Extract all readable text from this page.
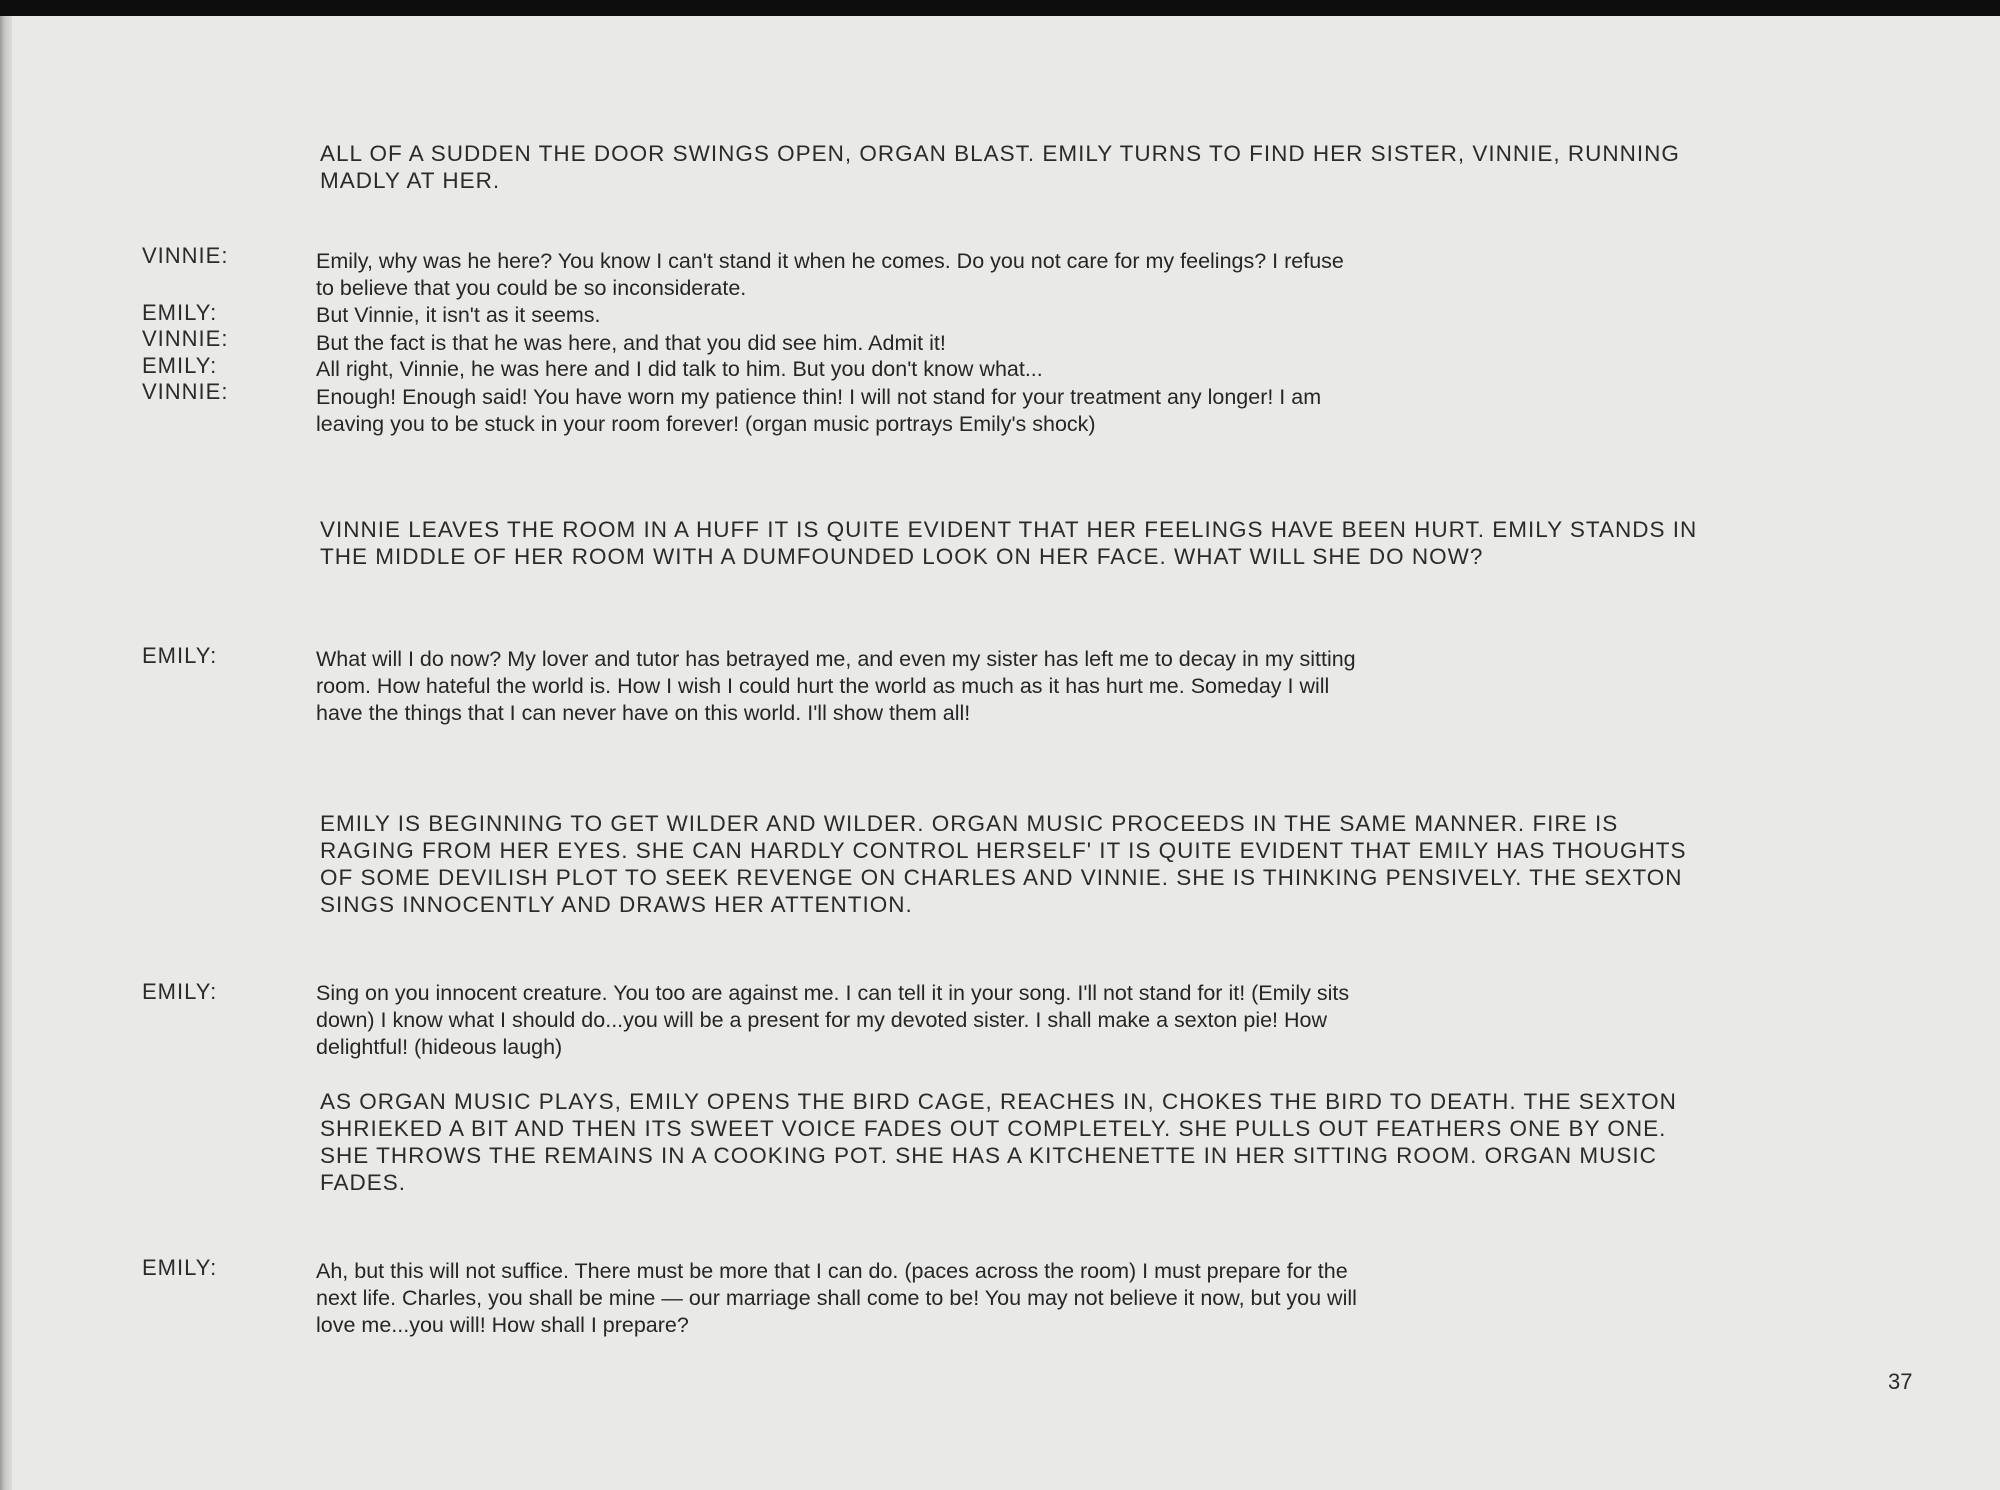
ALL OF A SUDDEN THE DOOR SWINGS OPEN, ORGAN BLAST. EMILY TURNS TO FIND HER SISTER, VINNIE, RUNNING MADLY AT HER.
VINNIE:	Emily, why was he here? You know I can't stand it when he comes. Do you not care for my feelings? I refuse to believe that you could be so inconsiderate.
EMILY:	But Vinnie, it isn't as it seems.
VINNIE:	But the fact is that he was here, and that you did see him. Admit it!
EMILY:	All right, Vinnie, he was here and I did talk to him. But you don't know what...
VINNIE:	Enough! Enough said! You have worn my patience thin! I will not stand for your treatment any longer! I am leaving you to be stuck in your room forever! (organ music portrays Emily's shock)
VINNIE LEAVES THE ROOM IN A HUFF IT IS QUITE EVIDENT THAT HER FEELINGS HAVE BEEN HURT. EMILY STANDS IN THE MIDDLE OF HER ROOM WITH A DUMFOUNDED LOOK ON HER FACE. WHAT WILL SHE DO NOW?
EMILY:	What will I do now? My lover and tutor has betrayed me, and even my sister has left me to decay in my sitting room. How hateful the world is. How I wish I could hurt the world as much as it has hurt me. Someday I will have the things that I can never have on this world. I'll show them all!
EMILY IS BEGINNING TO GET WILDER AND WILDER. ORGAN MUSIC PROCEEDS IN THE SAME MANNER. FIRE IS RAGING FROM HER EYES. SHE CAN HARDLY CONTROL HERSELF' IT IS QUITE EVIDENT THAT EMILY HAS THOUGHTS OF SOME DEVILISH PLOT TO SEEK REVENGE ON CHARLES AND VINNIE. SHE IS THINKING PENSIVELY. THE SEXTON SINGS INNOCENTLY AND DRAWS HER ATTENTION.
EMILY:	Sing on you innocent creature. You too are against me. I can tell it in your song. I'll not stand for it! (Emily sits down) I know what I should do...you will be a present for my devoted sister. I shall make a sexton pie! How delightful! (hideous laugh)
AS ORGAN MUSIC PLAYS, EMILY OPENS THE BIRD CAGE, REACHES IN, CHOKES THE BIRD TO DEATH. THE SEXTON SHRIEKED A BIT AND THEN ITS SWEET VOICE FADES OUT COMPLETELY. SHE PULLS OUT FEATHERS ONE BY ONE. SHE THROWS THE REMAINS IN A COOKING POT. SHE HAS A KITCHENETTE IN HER SITTING ROOM. ORGAN MUSIC FADES.
EMILY:	Ah, but this will not suffice. There must be more that I can do. (paces across the room) I must prepare for the next life. Charles, you shall be mine — our marriage shall come to be! You may not believe it now, but you will love me...you will! How shall I prepare?
37
